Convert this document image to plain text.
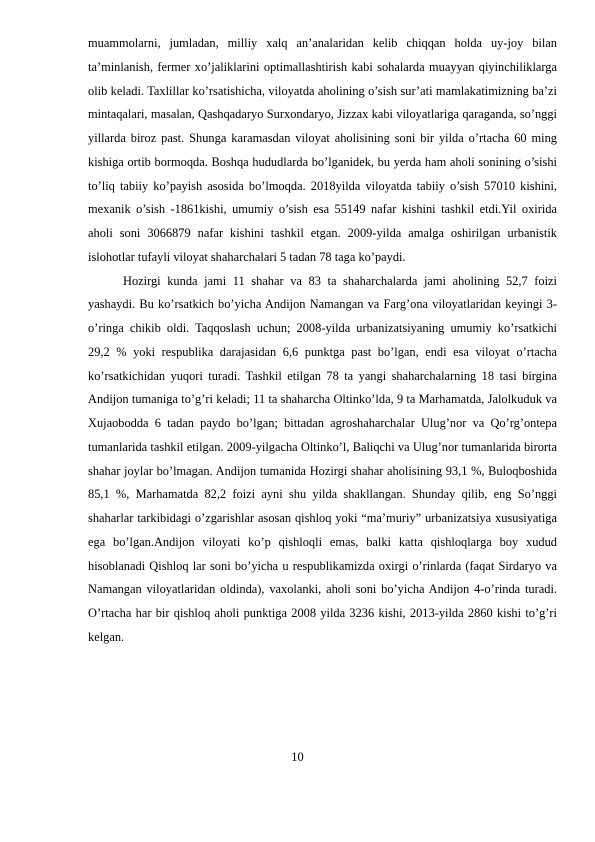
muammolarni, jumladan, milliy xalq an’analaridan kelib chiqqan holda uy-joy bilan ta’minlanish, fermer xo’jaliklarini optimallashtirish kabi sohalarda muayyan qiyinchiliklarga olib keladi. Taxlillar ko’rsatishicha, viloyatda aholining o’sish sur’ati mamlakatimizning ba’zi mintaqalari, masalan, Qashqadaryo Surxondaryo, Jizzax kabi viloyatlariga qaraganda, so’nggi yillarda biroz past. Shunga karamasdan viloyat aholisining soni bir yilda o’rtacha 60 ming kishiga ortib bormoqda. Boshqa hududlarda bo’lganidek, bu yerda ham aholi sonining o’sishi to’liq tabiiy ko’payish asosida bo’lmoqda. 2018yilda viloyatda tabiiy o’sish 57010 kishini, mexanik o’sish -1861kishi, umumiy o’sish esa 55149 nafar kishini tashkil etdi.Yil oxirida aholi soni 3066879 nafar kishini tashkil etgan. 2009-yilda amalga oshirilgan urbanistik islohotlar tufayli viloyat shaharchalari 5 tadan 78 taga ko’paydi.

Hozirgi kunda jami 11 shahar va 83 ta shaharchalarda jami aholining 52,7 foizi yashaydi. Bu ko’rsatkich bo’yicha Andijon Namangan va Farg’ona viloyatlaridan keyingi 3-o’ringa chikib oldi. Taqqoslash uchun; 2008-yilda urbanizatsiyaning umumiy ko’rsatkichi 29,2 % yoki respublika darajasidan 6,6 punktga past bo’lgan, endi esa viloyat o’rtacha ko’rsatkichidan yuqori turadi. Tashkil etilgan 78 ta yangi shaharchalarning 18 tasi birgina Andijon tumaniga to’g’ri keladi; 11 ta shaharcha Oltinko’lda, 9 ta Marhamatda, Jalolkuduk va Xujaobodda 6 tadan paydo bo’lgan; bittadan agroshaharchalar Ulug’nor va Qo’rg’ontepa tumanlarida tashkil etilgan. 2009-yilgacha Oltinko’l, Baliqchi va Ulug’nor tumanlarida birorta shahar joylar bo’lmagan. Andijon tumanida Hozirgi shahar aholisining 93,1 %, Buloqboshida 85,1 %, Marhamatda 82,2 foizi ayni shu yilda shakllangan. Shunday qilib, eng So’nggi shaharlar tarkibidagi o’zgarishlar asosan qishloq yoki “ma’muriy” urbanizatsiya xususiyatiga ega bo’lgan.Andijon viloyati ko’p qishloqli emas, balki katta qishloqlarga boy xudud hisoblanadi Qishloq lar soni bo’yicha u respublikamizda oxirgi o’rinlarda (faqat Sirdaryo va Namangan viloyatlaridan oldinda), vaxolanki, aholi soni bo’yicha Andijon 4-o’rinda turadi. O’rtacha har bir qishloq aholi punktiga 2008 yilda 3236 kishi, 2013-yilda 2860 kishi to’g’ri kelgan.

10
